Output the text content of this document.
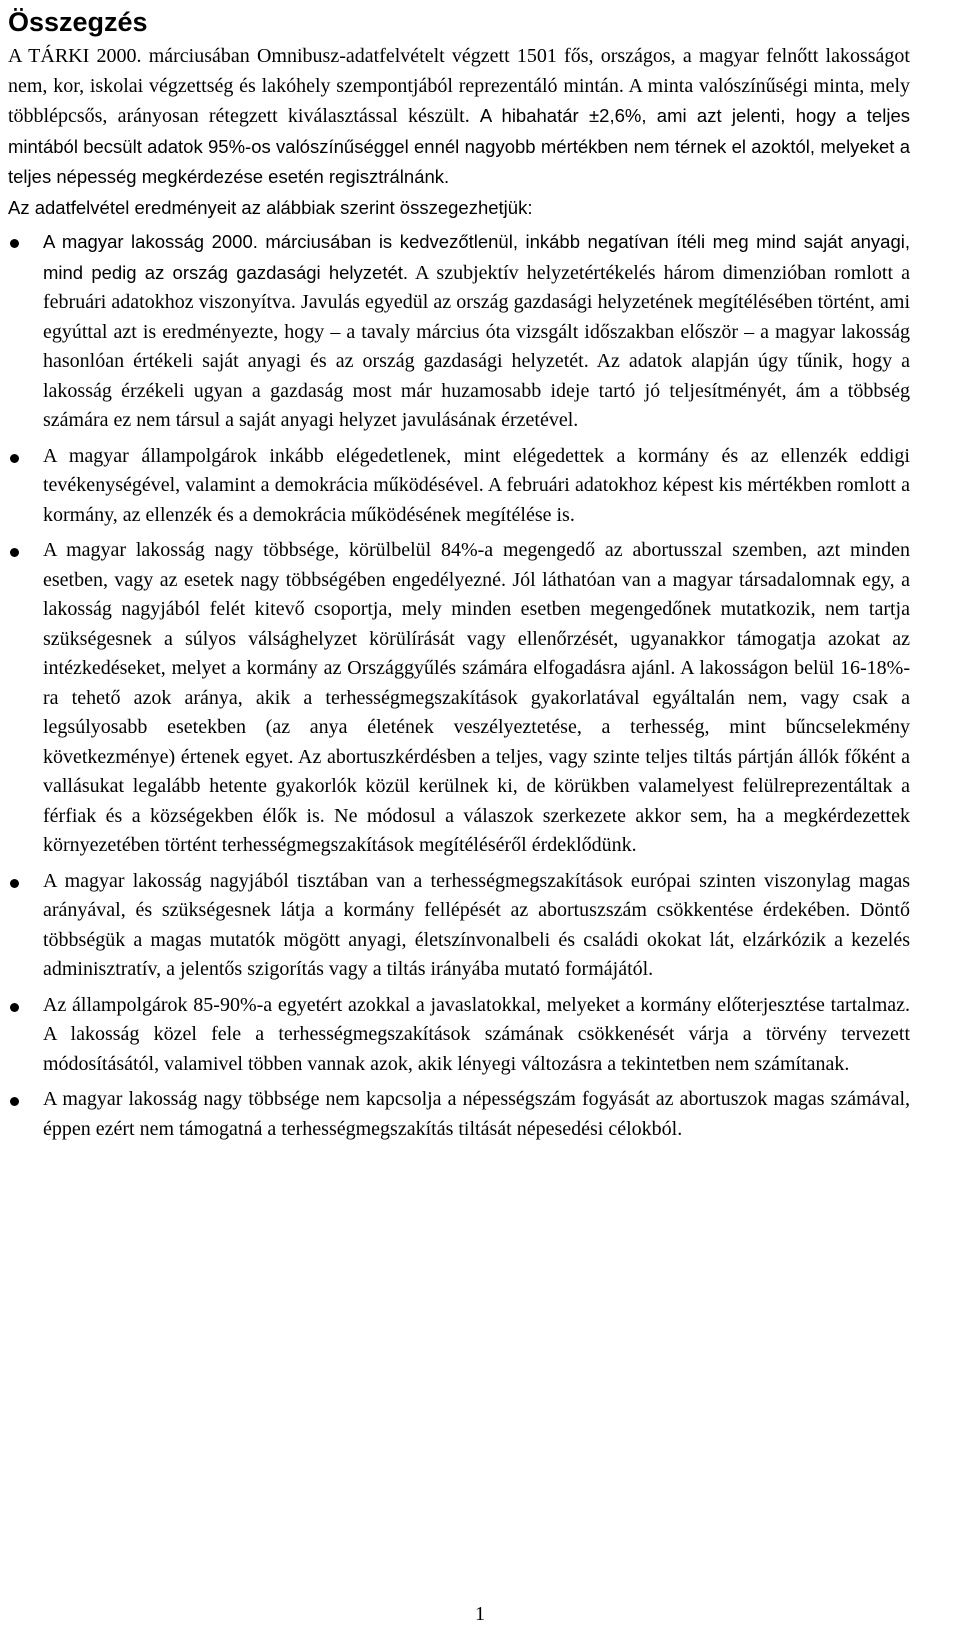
Összegzés

A TÁRKI 2000. márciusában Omnibusz-adatfelvételt végzett 1501 fős, országos, a magyar felnőtt lakosságot nem, kor, iskolai végzettség és lakóhely szempontjából reprezentáló mintán. A minta valószínűségi minta, mely többlépcsős, arányosan rétegzett kiválasztással készült. A hibahatár ±2,6%, ami azt jelenti, hogy a teljes mintából becsült adatok 95%-os valószínűséggel ennél nagyobb mértékben nem térnek el azoktól, melyeket a teljes népesség megkérdezése esetén regisztrálnánk.

Az adatfelvétel eredményeit az alábbiak szerint összegezhetjük:

A magyar lakosság 2000. márciusában is kedvezőtlenül, inkább negatívan ítéli meg mind saját anyagi, mind pedig az ország gazdasági helyzetét. A szubjektív helyzetértékelés három dimenzióban romlott a februári adatokhoz viszonyítva. Javulás egyedül az ország gazdasági helyzetének megítélésében történt, ami egyúttal azt is eredményezte, hogy – a tavaly március óta vizsgált időszakban először – a magyar lakosság hasonlóan értékeli saját anyagi és az ország gazdasági helyzetét. Az adatok alapján úgy tűnik, hogy a lakosság érzékeli ugyan a gazdaság most már huzamosabb ideje tartó jó teljesítményét, ám a többség számára ez nem társul a saját anyagi helyzet javulásának érzetével.
A magyar állampolgárok inkább elégedetlenek, mint elégedettek a kormány és az ellenzék eddigi tevékenységével, valamint a demokrácia működésével. A februári adatokhoz képest kis mértékben romlott a kormány, az ellenzék és a demokrácia működésének megítélése is.
A magyar lakosság nagy többsége, körülbelül 84%-a megengedő az abortusszal szemben, azt minden esetben, vagy az esetek nagy többségében engedélyezné. Jól láthatóan van a magyar társadalomnak egy, a lakosság nagyjából felét kitevő csoportja, mely minden esetben megengedőnek mutatkozik, nem tartja szükségesnek a súlyos válsághelyzet körülírását vagy ellenőrzését, ugyanakkor támogatja azokat az intézkedéseket, melyet a kormány az Országgyűlés számára elfogadásra ajánl. A lakosságon belül 16-18%-ra tehető azok aránya, akik a terhességmegszakítások gyakorlatával egyáltalán nem, vagy csak a legsúlyosabb esetekben (az anya életének veszélyeztetése, a terhesség, mint bűncselekmény következménye) értenek egyet. Az abortuszkérdésben a teljes, vagy szinte teljes tiltás pártján állók főként a vallásukat legalább hetente gyakorlók közül kerülnek ki, de körükben valamelyest felülreprezentáltak a férfiak és a községekben élők is. Ne módosul a válaszok szerkezete akkor sem, ha a megkérdezettek környezetében történt terhességmegszakítások megítéléséről érdeklődünk.
A magyar lakosság nagyjából tisztában van a terhességmegszakítások európai szinten viszonylag magas arányával, és szükségesnek látja a kormány fellépését az abortuszszám csökkentése érdekében. Döntő többségük a magas mutatók mögött anyagi, életszínvonalbeli és családi okokat lát, elzárkózik a kezelés adminisztratív, a jelentős szigorítás vagy a tiltás irányába mutató formájától.
Az állampolgárok 85-90%-a egyetért azokkal a javaslatokkal, melyeket a kormány előterjesztése tartalmaz. A lakosság közel fele a terhességmegszakítások számának csökkenését várja a törvény tervezett módosításától, valamivel többen vannak azok, akik lényegi változásra a tekintetben nem számítanak.
A magyar lakosság nagy többsége nem kapcsolja a népességszám fogyását az abortuszok magas számával, éppen ezért nem támogatná a terhességmegszakítás tiltását népesedési célokból.
1
